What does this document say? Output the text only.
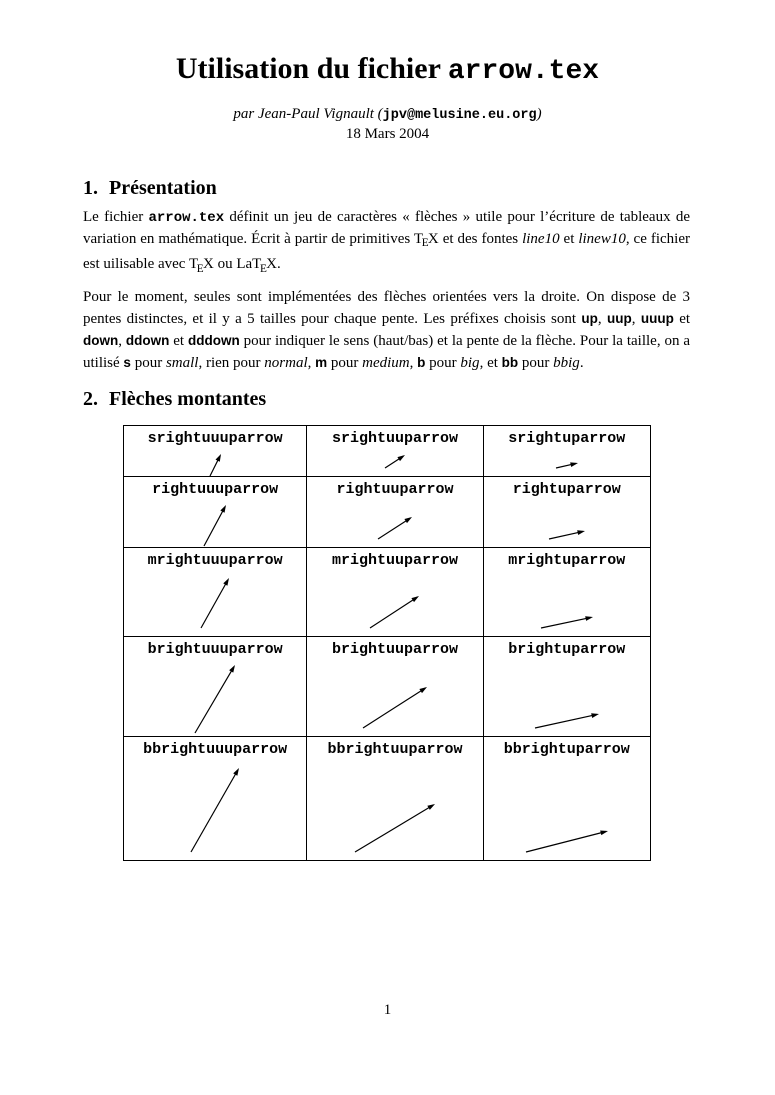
Utilisation du fichier arrow.tex
par Jean-Paul Vignault (jpv@melusine.eu.org)
18 Mars 2004
1. Présentation

Le fichier arrow.tex définit un jeu de caractères « flèches » utile pour l’écriture de tableaux de variation en mathématique. Écrit à partir de primitives TEX et des fontes line10 et linew10, ce fichier est uilisable avec TEX ou LaTEX.

Pour le moment, seules sont implémentées des flèches orientées vers la droite. On dispose de 3 pentes distinctes, et il y a 5 tailles pour chaque pente. Les préfixes choisis sont up, uup, uuup et down, ddown et dddown pour indiquer le sens (haut/bas) et la pente de la flèche. Pour la taille, on a utilisé s pour small, rien pour normal, m pour medium, b pour big, et bb pour bbig.

2. Flèches montantes
srightuuuparrow	srightuuparrow	srightuparrow
rightuuuparrow	rightuuparrow	rightuparrow
mrightuuuparrow	mrightuuparrow	mrightuparrow
brightuuuparrow	brightuuparrow	brightuparrow
bbrightuuuparrow	bbrightuuparrow	bbrightuparrow
1
